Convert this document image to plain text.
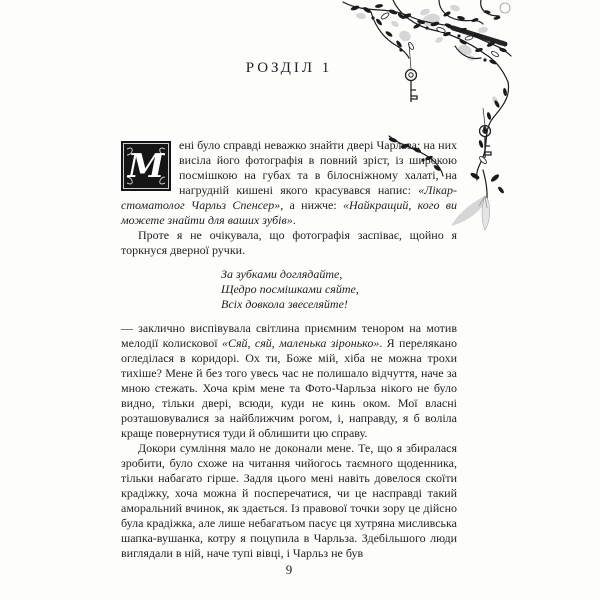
РОЗДІЛ 1

М
ені було справді неважко знайти двері Чарльза: на них висіла його фотографія в повний зріст, із широкою посмішкою на губах та в білосніжному халаті, на нагрудній кишені якого красувався напис: «Лікар-стоматолог Чарльз Спенсер», а нижче: «Найкращий, кого ви можете знайти для ваших зубів».

Проте я не очікувала, що фотографія заспіває, щойно я торкнуся дверної ручки.

За зубками доглядайте,
Щедро посмішками сяйте,
Всіх довкола звеселяйте!

— заклично виспівувала світлина приємним тенором на мотив мелодії колискової «Сяй, сяй, маленька зіронько». Я перелякано огледілася в коридорі. Ох ти, Боже мій, хіба не можна трохи тихіше? Мене й без того увесь час не полишало відчуття, наче за мною стежать. Хоча крім мене та Фото-Чарльза нікого не було видно, тільки двері, всюди, куди не кинь оком. Мої власні розташовувалися за найближчим рогом, і, направду, я б воліла краще повернутися туди й облишити цю справу.

Докори сумління мало не доконали мене. Те, що я збиралася зробити, було схоже на читання чийогось таємного щоденника, тільки набагато гірше. Задля цього мені навіть довелося скоїти крадіжку, хоча можна й посперечатися, чи це насправді такий аморальний вчинок, як здається. Із правової точки зору це дійсно була крадіжка, але лише небагатьом пасує ця хутряна мисливська шапка-вушанка, котру я поцупила в Чарльза. Здебільшого люди виглядали в ній, наче тупі вівці, і Чарльз не був

9
